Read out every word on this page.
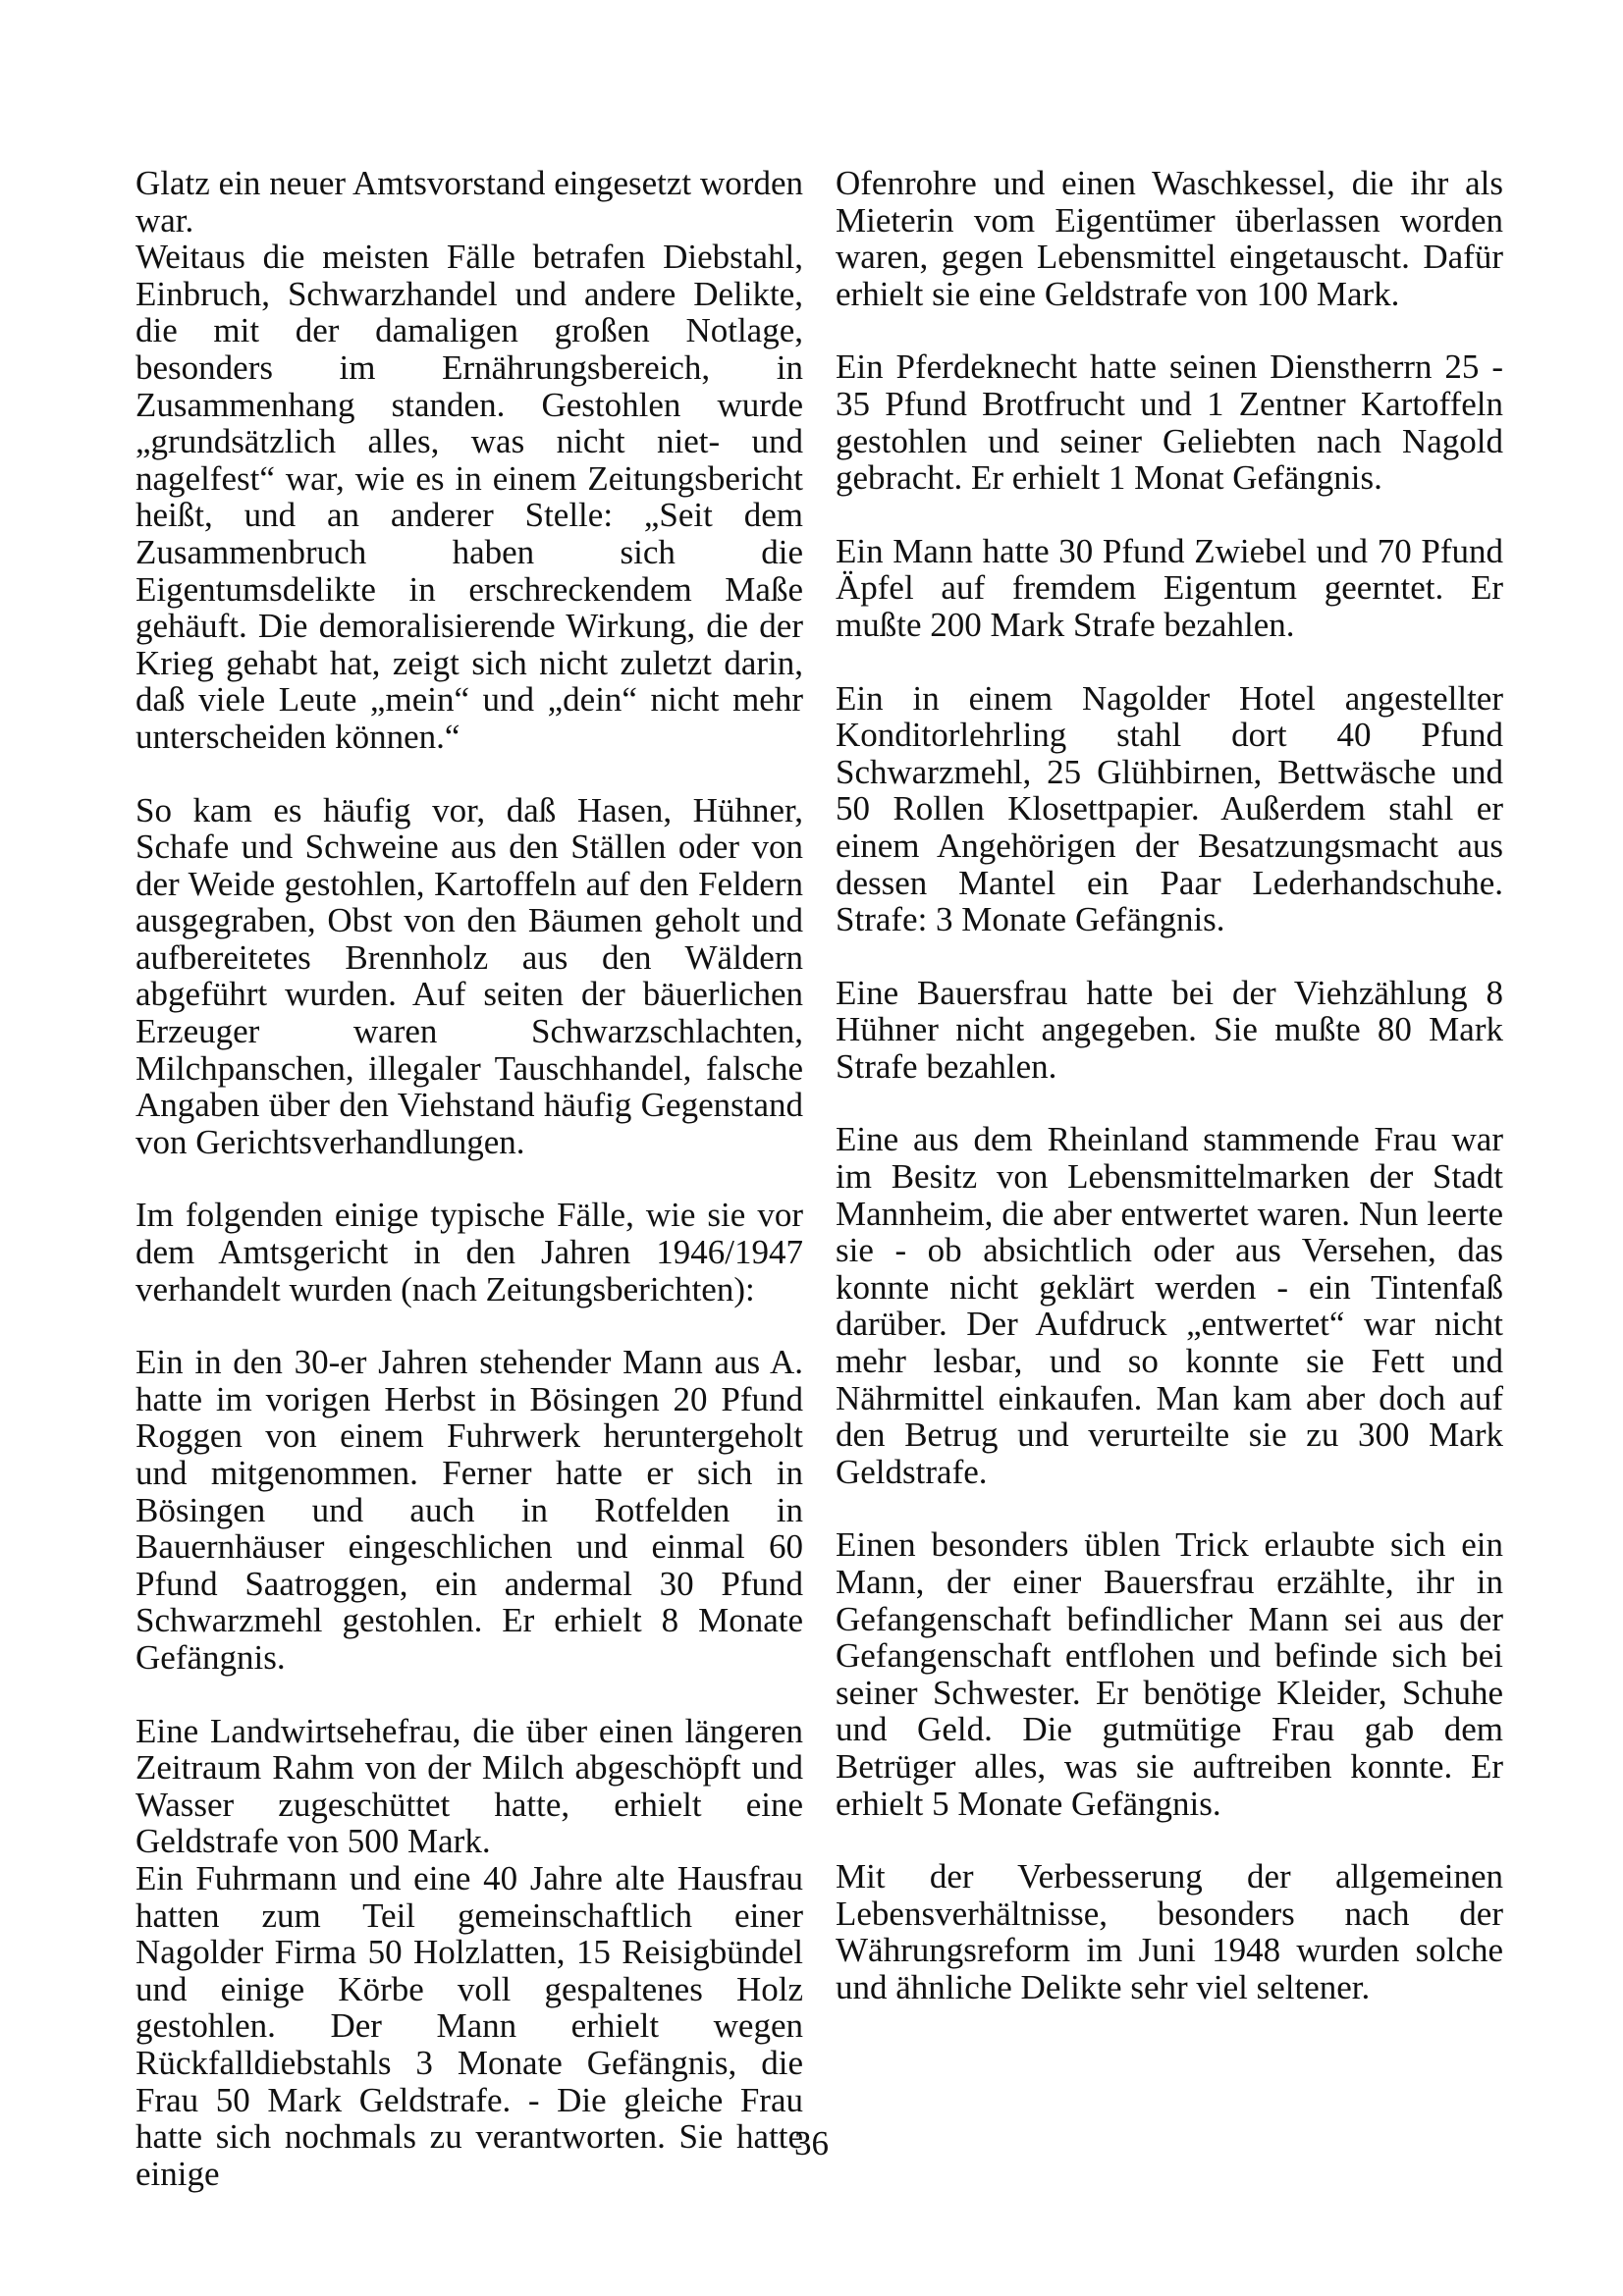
Glatz ein neuer Amtsvorstand eingesetzt worden war.

Weitaus die meisten Fälle betrafen Diebstahl, Einbruch, Schwarzhandel und andere Delikte, die mit der damaligen großen Notlage, besonders im Ernährungsbereich, in Zusammenhang standen. Gestohlen wurde „grundsätzlich alles, was nicht niet- und nagelfest“ war, wie es in einem Zeitungsbericht heißt, und an anderer Stelle: „Seit dem Zusammenbruch haben sich die Eigentumsdelikte in erschreckendem Maße gehäuft. Die demoralisierende Wirkung, die der Krieg gehabt hat, zeigt sich nicht zuletzt darin, daß viele Leute „mein“ und „dein“ nicht mehr unterscheiden können.“

So kam es häufig vor, daß Hasen, Hühner, Schafe und Schweine aus den Ställen oder von der Weide gestohlen, Kartoffeln auf den Feldern ausgegraben, Obst von den Bäumen geholt und aufbereitetes Brennholz aus den Wäldern abgeführt wurden. Auf seiten der bäuerlichen Erzeuger waren Schwarzschlachten, Milchpanschen, illegaler Tauschhandel, falsche Angaben über den Viehstand häufig Gegenstand von Gerichtsverhandlungen.

Im folgenden einige typische Fälle, wie sie vor dem Amtsgericht in den Jahren 1946/1947 verhandelt wurden (nach Zeitungsberichten):

Ein in den 30-er Jahren stehender Mann aus A. hatte im vorigen Herbst in Bösingen 20 Pfund Roggen von einem Fuhrwerk heruntergeholt und mitgenommen. Ferner hatte er sich in Bösingen und auch in Rotfelden in Bauernhäuser eingeschlichen und einmal 60 Pfund Saatroggen, ein andermal 30 Pfund Schwarzmehl gestohlen. Er erhielt 8 Monate Gefängnis.

Eine Landwirtsehefrau, die über einen längeren Zeitraum Rahm von der Milch abgeschöpft und Wasser zugeschüttet hatte, erhielt eine Geldstrafe von 500 Mark.

Ein Fuhrmann und eine 40 Jahre alte Hausfrau hatten zum Teil gemeinschaftlich einer Nagolder Firma 50 Holzlatten, 15 Reisigbündel und einige Körbe voll gespaltenes Holz gestohlen. Der Mann erhielt wegen Rückfalldiebstahls 3 Monate Gefängnis, die Frau 50 Mark Geldstrafe. - Die gleiche Frau hatte sich nochmals zu verantworten. Sie hatte einige

Ofenrohre und einen Waschkessel, die ihr als Mieterin vom Eigentümer überlassen worden waren, gegen Lebensmittel eingetauscht. Dafür erhielt sie eine Geldstrafe von 100 Mark.

Ein Pferdeknecht hatte seinen Dienstherrn 25 - 35 Pfund Brotfrucht und 1 Zentner Kartoffeln gestohlen und seiner Geliebten nach Nagold gebracht. Er erhielt 1 Monat Gefängnis.

Ein Mann hatte 30 Pfund Zwiebel und 70 Pfund Äpfel auf fremdem Eigentum geerntet. Er mußte 200 Mark Strafe bezahlen.

Ein in einem Nagolder Hotel angestellter Konditorlehrling stahl dort 40 Pfund Schwarzmehl, 25 Glühbirnen, Bettwäsche und 50 Rollen Klosettpapier. Außerdem stahl er einem Angehörigen der Besatzungsmacht aus dessen Mantel ein Paar Lederhandschuhe. Strafe: 3 Monate Gefängnis.

Eine Bauersfrau hatte bei der Viehzählung 8 Hühner nicht angegeben. Sie mußte 80 Mark Strafe bezahlen.

Eine aus dem Rheinland stammende Frau war im Besitz von Lebensmittelmarken der Stadt Mannheim, die aber entwertet waren. Nun leerte sie - ob absichtlich oder aus Versehen, das konnte nicht geklärt werden - ein Tintenfaß darüber. Der Aufdruck „entwertet“ war nicht mehr lesbar, und so konnte sie Fett und Nährmittel einkaufen. Man kam aber doch auf den Betrug und verurteilte sie zu 300 Mark Geldstrafe.

Einen besonders üblen Trick erlaubte sich ein Mann, der einer Bauersfrau erzählte, ihr in Gefangenschaft befindlicher Mann sei aus der Gefangenschaft entflohen und befinde sich bei seiner Schwester. Er benötige Kleider, Schuhe und Geld. Die gutmütige Frau gab dem Betrüger alles, was sie auftreiben konnte. Er erhielt 5 Monate Gefängnis.

Mit der Verbesserung der allgemeinen Lebensverhältnisse, besonders nach der Währungsreform im Juni 1948 wurden solche und ähnliche Delikte sehr viel seltener.

36
